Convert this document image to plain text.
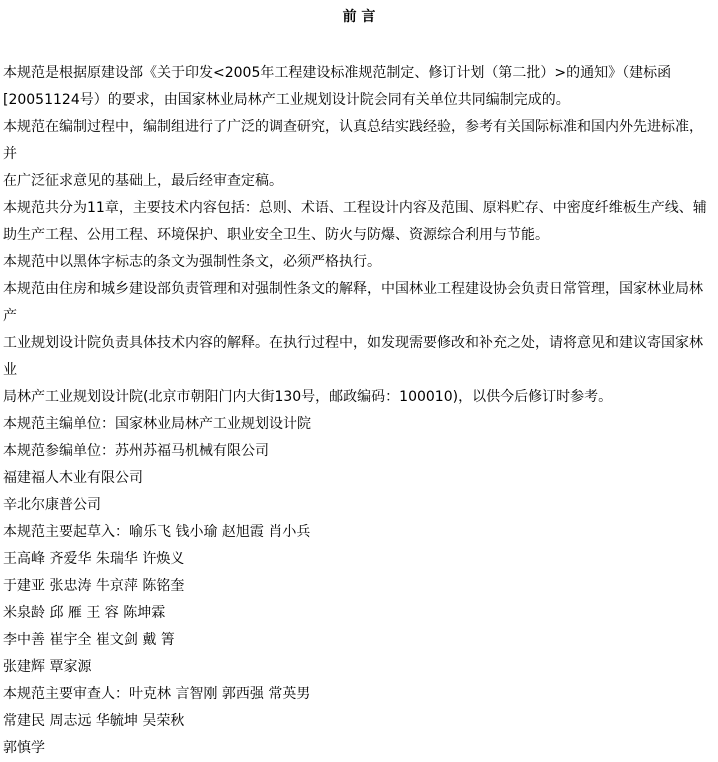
前 言

本规范是根据原建设部《关于印发<2005年工程建设标准规范制定、修订计划（第二批）>的通知》（建标函

[20051124号）的要求，由国家林业局林产工业规划设计院会同有关单位共同编制完成的。

本规范在编制过程中，编制组进行了广泛的调查研究，认真总结实践经验，参考有关国际标准和国内外先进标准，并

在广泛征求意见的基础上，最后经审查定稿。

本规范共分为11章，主要技术内容包括：总则、术语、工程设计内容及范围、原料贮存、中密度纤维板生产线、辅

助生产工程、公用工程、环境保护、职业安全卫生、防火与防爆、资源综合利用与节能。

本规范中以黑体字标志的条文为强制性条文，必须严格执行。

本规范由住房和城乡建设部负责管理和对强制性条文的解释，中国林业工程建设协会负责日常管理，国家林业局林产

工业规划设计院负责具体技术内容的解释。在执行过程中，如发现需要修改和补充之处，请将意见和建议寄国家林业

局林产工业规划设计院(北京市朝阳门内大街130号，邮政编码：100010)，以供今后修订时参考。

本规范主编单位：国家林业局林产工业规划设计院

本规范参编单位：苏州苏福马机械有限公司

福建福人木业有限公司

辛北尔康普公司

本规范主要起草入：喻乐飞 钱小瑜 赵旭霞 肖小兵

王高峰 齐爱华 朱瑞华 许焕义

于建亚 张忠涛 牛京萍 陈铭奎

米泉龄 邱 雁 王 容 陈坤霖

李中善 崔宇全 崔文剑 戴 箐

张建辉 覃家源

本规范主要审查人：叶克林 言智刚 郭西强 常英男

常建民 周志远 华毓坤 吴荣秋

郭慎学
